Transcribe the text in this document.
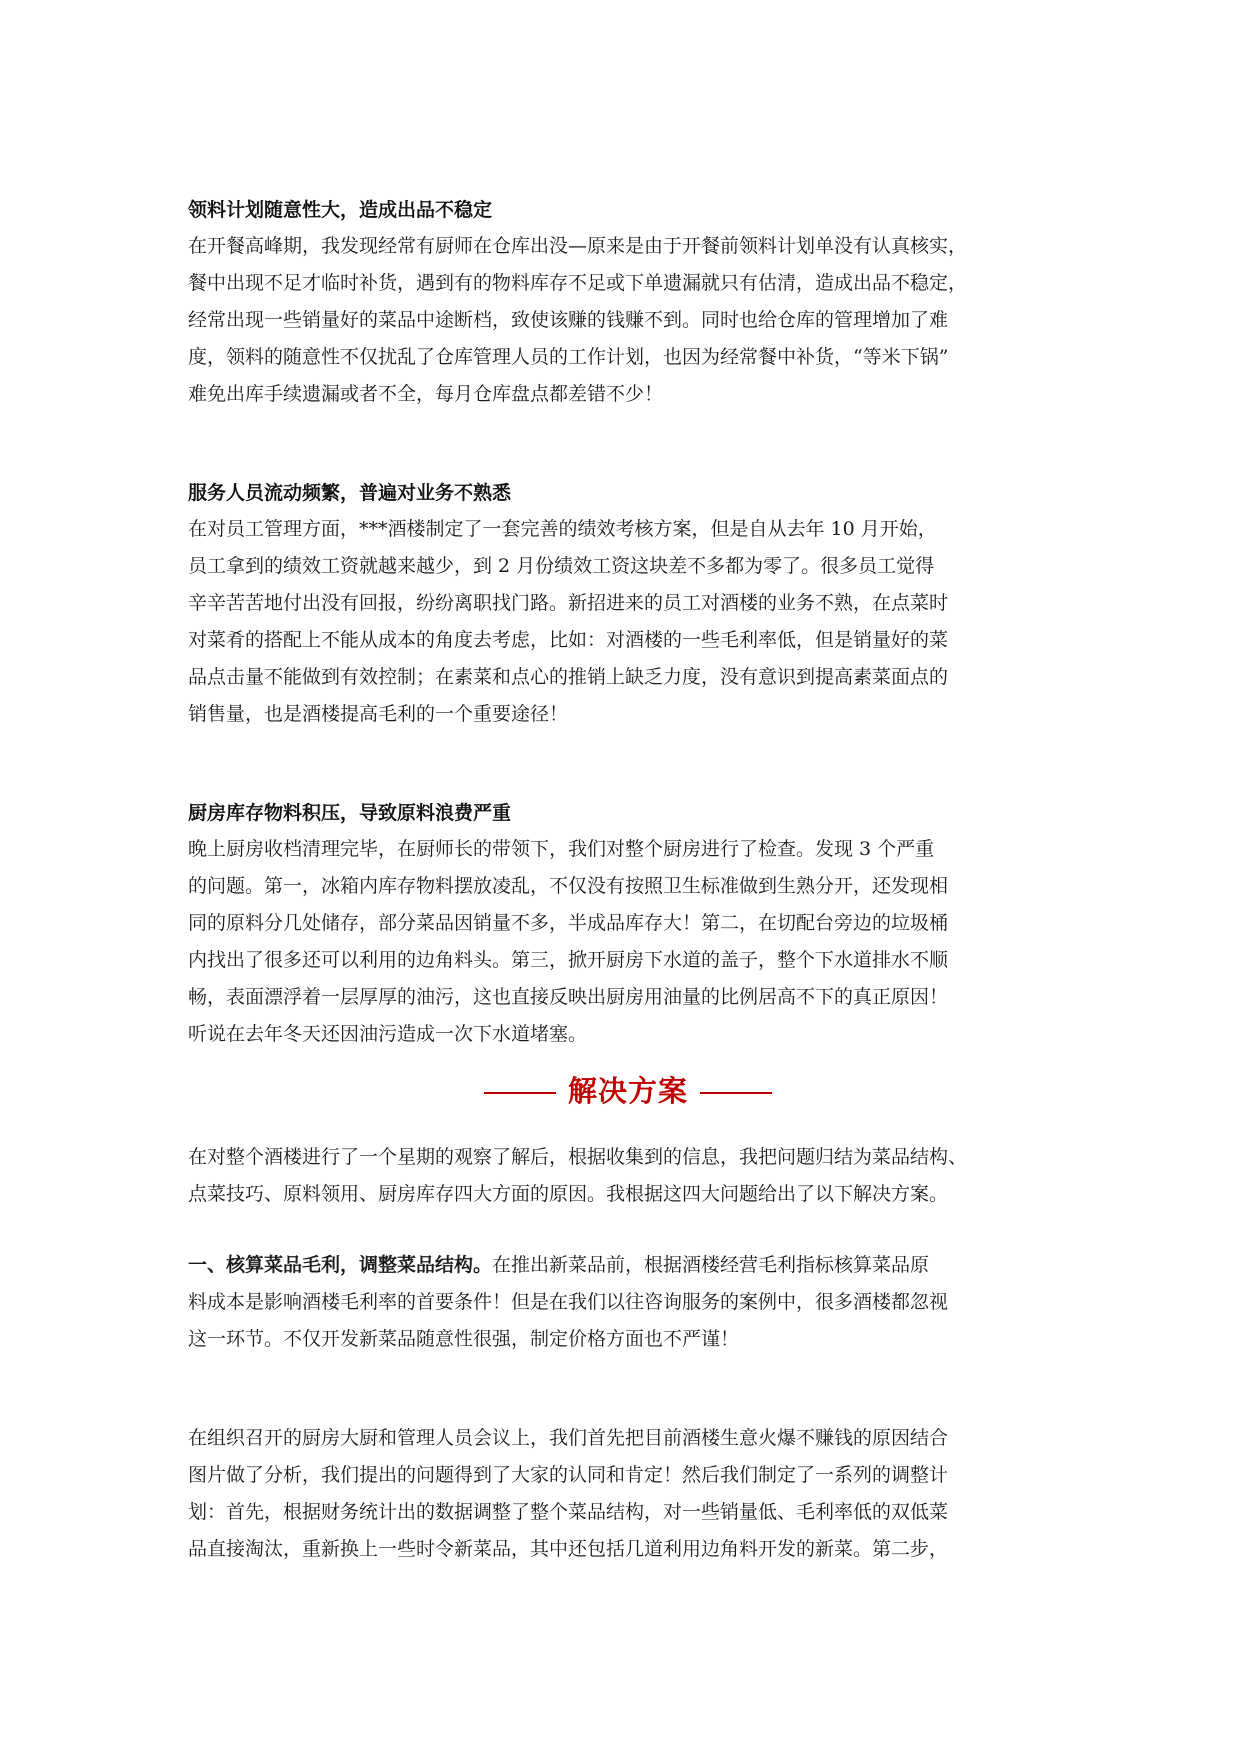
领料计划随意性大，造成出品不稳定

在开餐高峰期，我发现经常有厨师在仓库出没—原来是由于开餐前领料计划单没有认真核实，
餐中出现不足才临时补货，遇到有的物料库存不足或下单遗漏就只有估清，造成出品不稳定，
经常出现一些销量好的菜品中途断档，致使该赚的钱赚不到。同时也给仓库的管理增加了难
度，领料的随意性不仅扰乱了仓库管理人员的工作计划，也因为经常餐中补货，“等米下锅”
难免出库手续遗漏或者不全，每月仓库盘点都差错不少！

服务人员流动频繁，普遍对业务不熟悉

在对员工管理方面，***酒楼制定了一套完善的绩效考核方案，但是自从去年 10 月开始，
员工拿到的绩效工资就越来越少，到 2 月份绩效工资这块差不多都为零了。很多员工觉得
辛辛苦苦地付出没有回报，纷纷离职找门路。新招进来的员工对酒楼的业务不熟，在点菜时
对菜肴的搭配上不能从成本的角度去考虑，比如：对酒楼的一些毛利率低，但是销量好的菜
品点击量不能做到有效控制；在素菜和点心的推销上缺乏力度，没有意识到提高素菜面点的
销售量，也是酒楼提高毛利的一个重要途径！

厨房库存物料积压，导致原料浪费严重

晚上厨房收档清理完毕，在厨师长的带领下，我们对整个厨房进行了检查。发现 3 个严重
的问题。第一，冰箱内库存物料摆放凌乱，不仅没有按照卫生标准做到生熟分开，还发现相
同的原料分几处储存，部分菜品因销量不多，半成品库存大！第二，在切配台旁边的垃圾桶
内找出了很多还可以利用的边角料头。第三，掀开厨房下水道的盖子，整个下水道排水不顺
畅，表面漂浮着一层厚厚的油污，这也直接反映出厨房用油量的比例居高不下的真正原因！
听说在去年冬天还因油污造成一次下水道堵塞。

解决方案

在对整个酒楼进行了一个星期的观察了解后，根据收集到的信息，我把问题归结为菜品结构、
点菜技巧、原料领用、厨房库存四大方面的原因。我根据这四大问题给出了以下解决方案。

一、核算菜品毛利，调整菜品结构。在推出新菜品前，根据酒楼经营毛利指标核算菜品原
料成本是影响酒楼毛利率的首要条件！但是在我们以往咨询服务的案例中，很多酒楼都忽视
这一环节。不仅开发新菜品随意性很强，制定价格方面也不严谨！

在组织召开的厨房大厨和管理人员会议上，我们首先把目前酒楼生意火爆不赚钱的原因结合
图片做了分析，我们提出的问题得到了大家的认同和肯定！然后我们制定了一系列的调整计
划：首先，根据财务统计出的数据调整了整个菜品结构，对一些销量低、毛利率低的双低菜
品直接淘汰，重新换上一些时令新菜品，其中还包括几道利用边角料开发的新菜。第二步，
